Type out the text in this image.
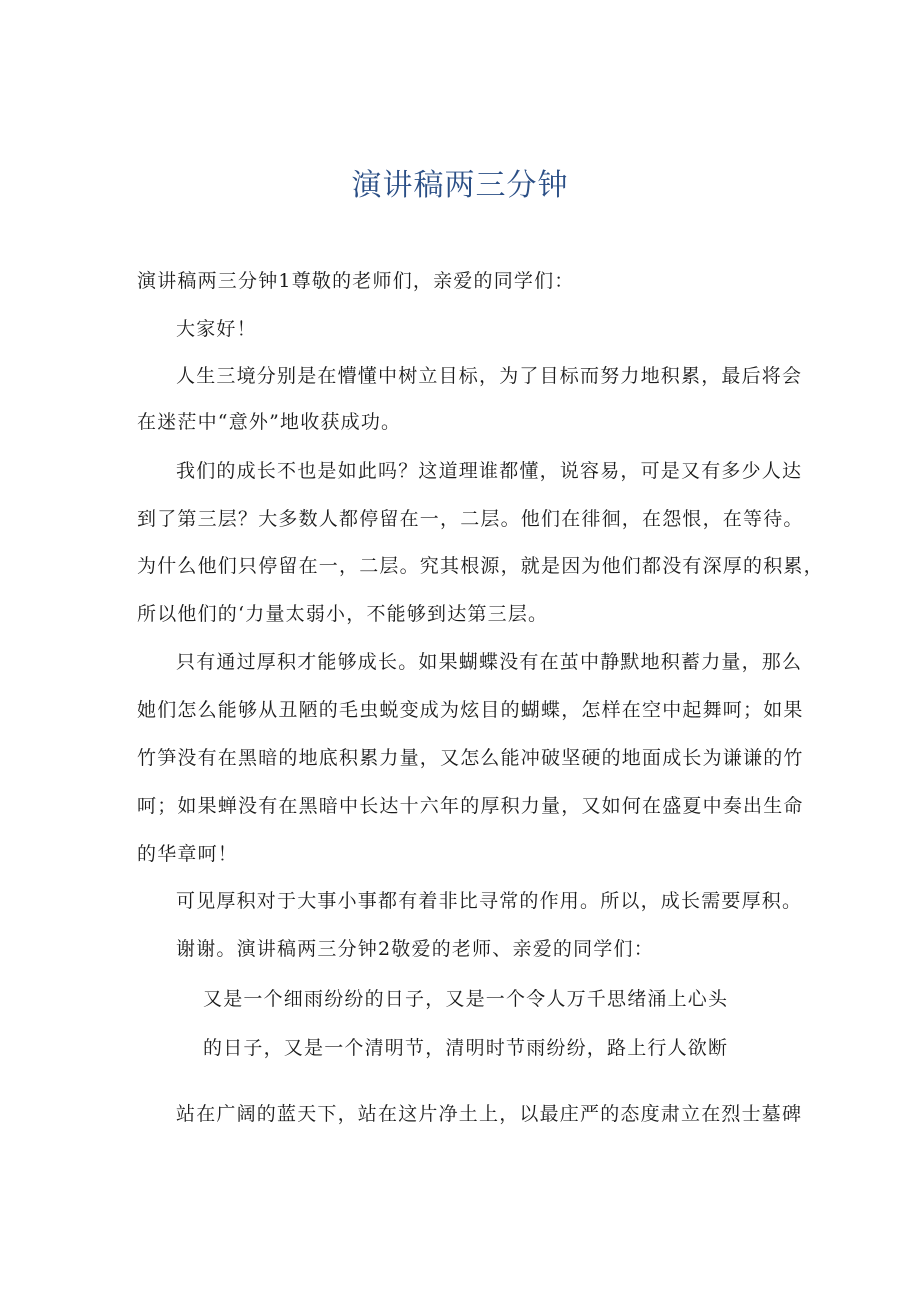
演讲稿两三分钟

演讲稿两三分钟1尊敬的老师们，亲爱的同学们：

大家好！

人生三境分别是在懵懂中树立目标，为了目标而努力地积累，最后将会

在迷茫中“意外”地收获成功。

我们的成长不也是如此吗？这道理谁都懂，说容易，可是又有多少人达

到了第三层？大多数人都停留在一，二层。他们在徘徊，在怨恨，在等待。

为什么他们只停留在一，二层。究其根源，就是因为他们都没有深厚的积累，

所以他们的‘力量太弱小，不能够到达第三层。

只有通过厚积才能够成长。如果蝴蝶没有在茧中静默地积蓄力量，那么

她们怎么能够从丑陋的毛虫蜕变成为炫目的蝴蝶，怎样在空中起舞呵；如果

竹笋没有在黑暗的地底积累力量，又怎么能冲破坚硬的地面成长为谦谦的竹

呵；如果蝉没有在黑暗中长达十六年的厚积力量，又如何在盛夏中奏出生命

的华章呵！

可见厚积对于大事小事都有着非比寻常的作用。所以，成长需要厚积。

谢谢。演讲稿两三分钟2敬爱的老师、亲爱的同学们：

又是一个细雨纷纷的日子，又是一个令人万千思绪涌上心头

的日子，又是一个清明节，清明时节雨纷纷，路上行人欲断

站在广阔的蓝天下，站在这片净土上，以最庄严的态度肃立在烈士墓碑
